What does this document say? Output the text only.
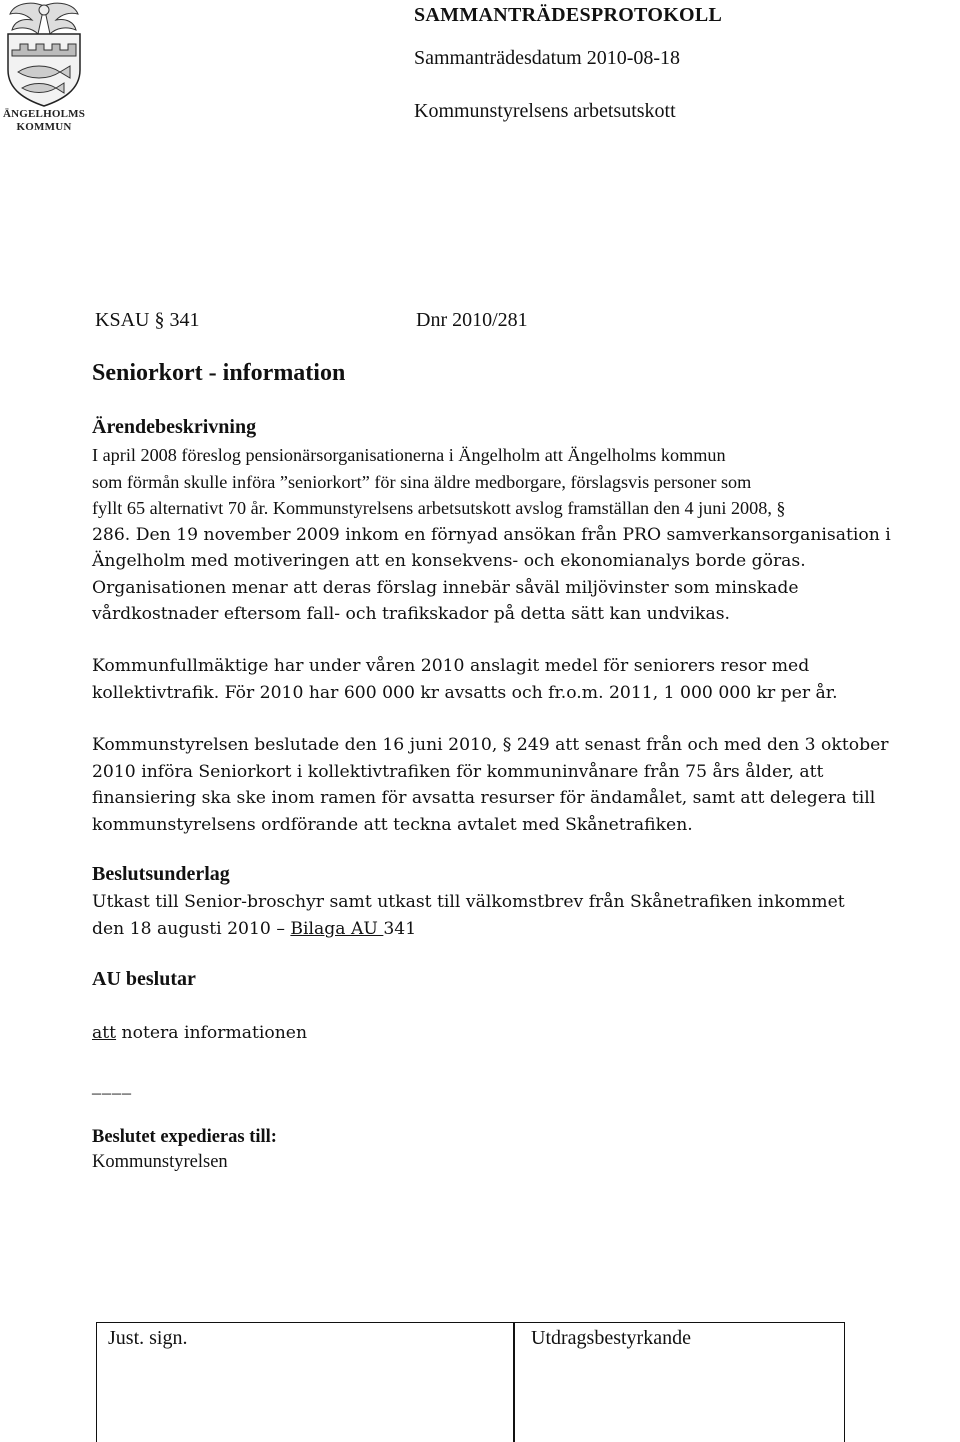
ÄNGELHOLMS
KOMMUN
SAMMANTRÄDESPROTOKOLL
Sammanträdesdatum 2010-08-18
Kommunstyrelsens arbetsutskott
KSAU § 341	Dnr 2010/281
Seniorkort - information
Ärendebeskrivning

I april 2008 föreslog pensionärsorganisationerna i Ängelholm att Ängelholms kommun

som förmån skulle införa ”seniorkort” för sina äldre medborgare, förslagsvis personer som

fyllt 65 alternativt 70 år. Kommunstyrelsens arbetsutskott avslog framställan den 4 juni 2008, §

286. Den 19 november 2009 inkom en förnyad ansökan från PRO samverkansorganisation i

Ängelholm med motiveringen att en konsekvens- och ekonomianalys borde göras.

Organisationen menar att deras förslag innebär såväl miljövinster som minskade

vårdkostnader eftersom fall- och trafikskador på detta sätt kan undvikas.

Kommunfullmäktige har under våren 2010 anslagit medel för seniorers resor med

kollektivtrafik. För 2010 har 600 000 kr avsatts och fr.o.m. 2011, 1 000 000 kr per år.

Kommunstyrelsen beslutade den 16 juni 2010, § 249 att senast från och med den 3 oktober

2010 införa Seniorkort i kollektivtrafiken för kommuninvånare från 75 års ålder, att

finansiering ska ske inom ramen för avsatta resurser för ändamålet, samt att delegera till

kommunstyrelsens ordförande att teckna avtalet med Skånetrafiken.

Beslutsunderlag

Utkast till Senior-broschyr samt utkast till välkomstbrev från Skånetrafiken inkommet

den 18 augusti 2010 – Bilaga AU 341

AU beslutar

att notera informationen

____
Beslutet expedieras till:
Kommunstyrelsen
Just. sign.	Utdragsbestyrkande
